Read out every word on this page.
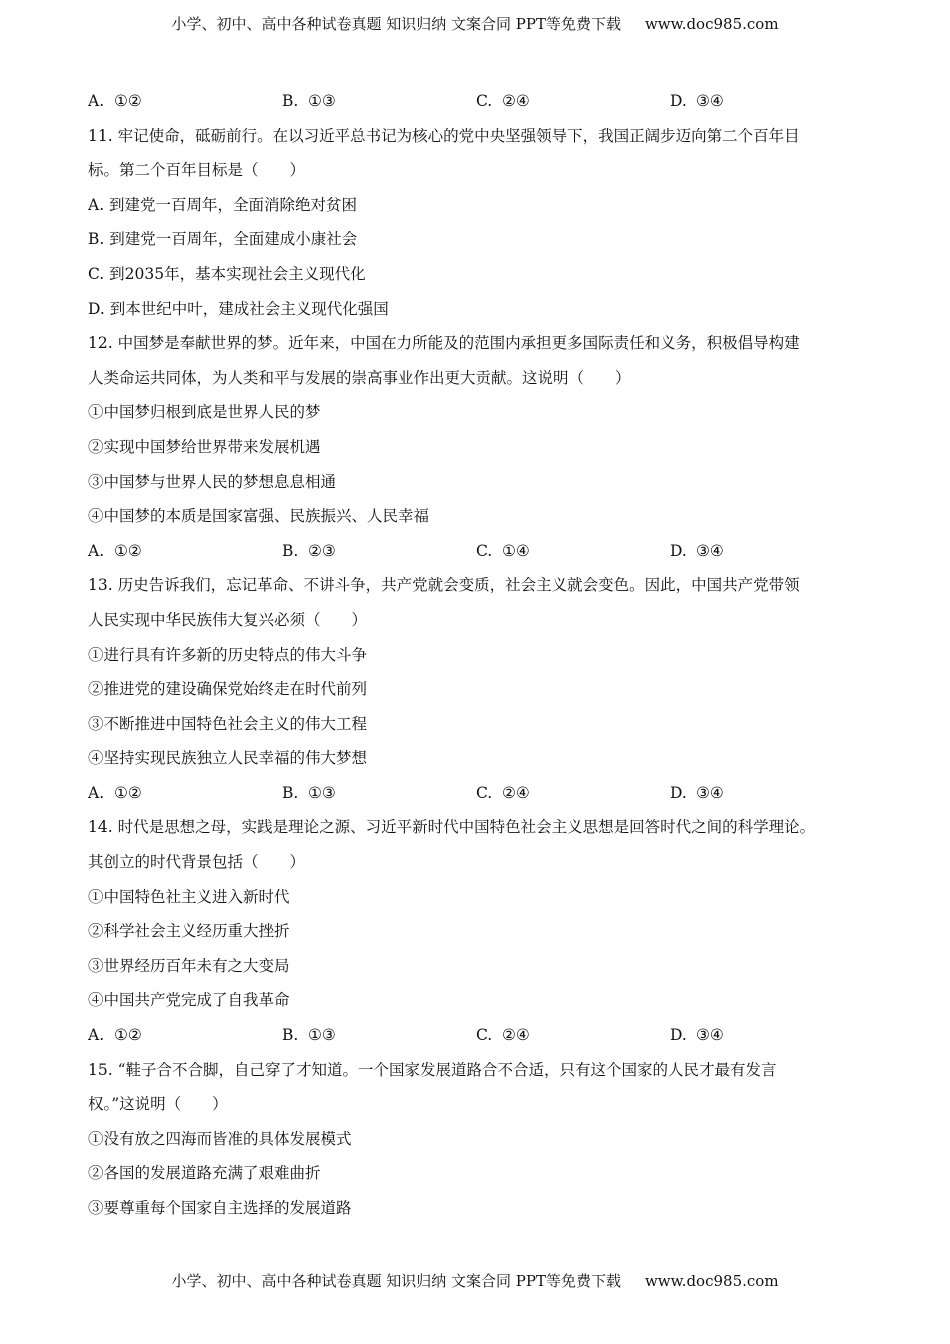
小学、初中、高中各种试卷真题 知识归纳 文案合同 PPT等免费下载 www.doc985.com
A. ①②	B. ①③	C. ②④	D. ③④
11. 牢记使命，砥砺前行。在以习近平总书记为核心的党中央坚强领导下，我国正阔步迈向第二个百年目
标。第二个百年目标是（　　）
A. 到建党一百周年，全面消除绝对贫困
B. 到建党一百周年，全面建成小康社会
C. 到2035年，基本实现社会主义现代化
D. 到本世纪中叶，建成社会主义现代化强国
12. 中国梦是奉献世界的梦。近年来，中国在力所能及的范围内承担更多国际责任和义务，积极倡导构建
人类命运共同体，为人类和平与发展的崇高事业作出更大贡献。这说明（　　）
①中国梦归根到底是世界人民的梦
②实现中国梦给世界带来发展机遇
③中国梦与世界人民的梦想息息相通
④中国梦的本质是国家富强、民族振兴、人民幸福
A. ①②	B. ②③	C. ①④	D. ③④
13. 历史告诉我们，忘记革命、不讲斗争，共产党就会变质，社会主义就会变色。因此，中国共产党带领
人民实现中华民族伟大复兴必须（　　）
①进行具有许多新的历史特点的伟大斗争
②推进党的建设确保党始终走在时代前列
③不断推进中国特色社会主义的伟大工程
④坚持实现民族独立人民幸福的伟大梦想
A. ①②	B. ①③	C. ②④	D. ③④
14. 时代是思想之母，实践是理论之源、习近平新时代中国特色社会主义思想是回答时代之间的科学理论。
其创立的时代背景包括（　　）
①中国特色社主义进入新时代
②科学社会主义经历重大挫折
③世界经历百年未有之大变局
④中国共产党完成了自我革命
A. ①②	B. ①③	C. ②④	D. ③④
15. “鞋子合不合脚，自己穿了才知道。一个国家发展道路合不合适，只有这个国家的人民才最有发言
权。”这说明（　　）
①没有放之四海而皆准的具体发展模式
②各国的发展道路充满了艰难曲折
③要尊重每个国家自主选择的发展道路
小学、初中、高中各种试卷真题 知识归纳 文案合同 PPT等免费下载 www.doc985.com
